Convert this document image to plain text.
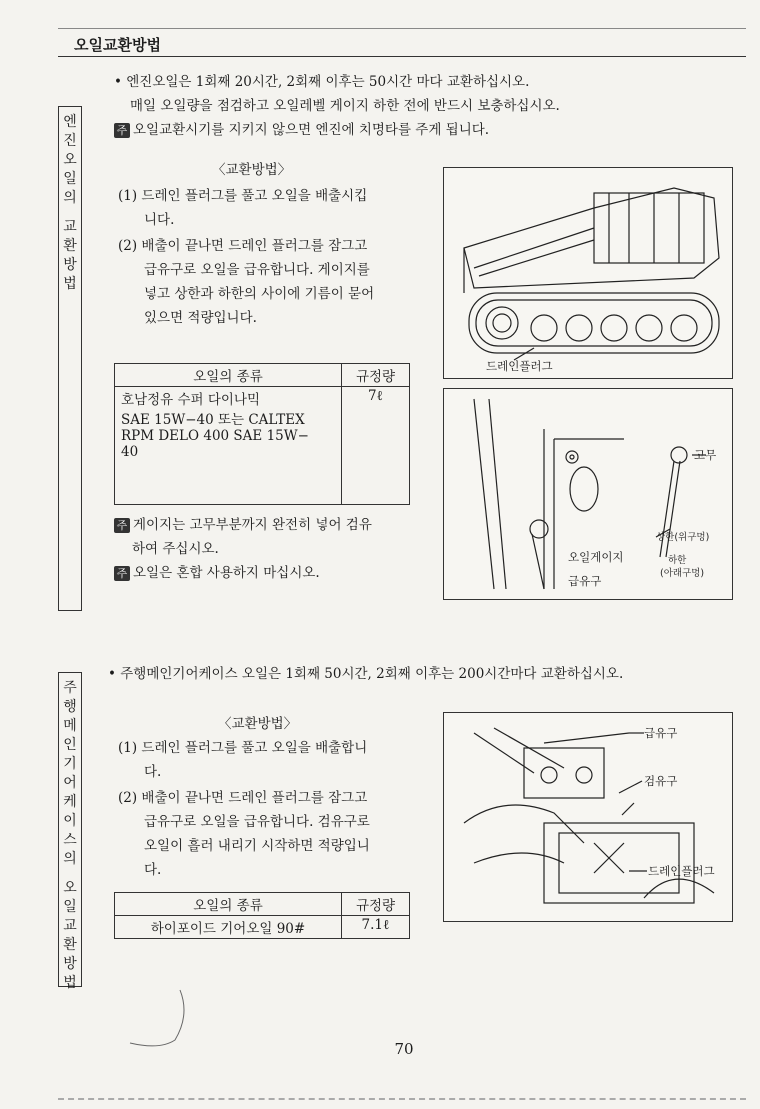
오일교환방법
엔
진
오
일
의

교
환
방
법
주
행
메
인
기
어
케
이
스
의

오
일
교
환
방
법
• 엔진오일은 1회째 20시간, 2회째 이후는 50시간 마다 교환하십시오.
매일 오일량을 점검하고 오일레벨 게이지 하한 전에 반드시 보충하십시오.
주 오일교환시기를 지키지 않으면 엔진에 치명타를 주게 됩니다.
〈교환방법〉
(1) 드레인 플러그를 풀고 오일을 배출시킵
니다.
(2) 배출이 끝나면 드레인 플러그를 잠그고
급유구로 오일을 급유합니다. 게이지를
넣고 상한과 하한의 사이에 기름이 묻어
있으면 적량입니다.
오일의 종류	규정량

호남정유 수퍼 다이나믹
SAE 15W−40 또는 CALTEX
RPM DELO 400 SAE 15W−
40	7ℓ
주 게이지는 고무부분까지 완전히 넣어 검유
하여 주십시오.
주 오일은 혼합 사용하지 마십시오.
드레인플러그
고무
상한(위구멍)
하한
(아래구멍)
오일게이지
급유구
• 주행메인기어케이스 오일은 1회째 50시간, 2회째 이후는 200시간마다 교환하십시오.
〈교환방법〉
(1) 드레인 플러그를 풀고 오일을 배출합니
다.
(2) 배출이 끝나면 드레인 플러그를 잠그고
급유구로 오일을 급유합니다. 검유구로
오일이 흘러 내리기 시작하면 적량입니
다.
오일의 종류	규정량
하이포이드 기어오일 90#	7.1ℓ
급유구
검유구
드레인플러그
70
